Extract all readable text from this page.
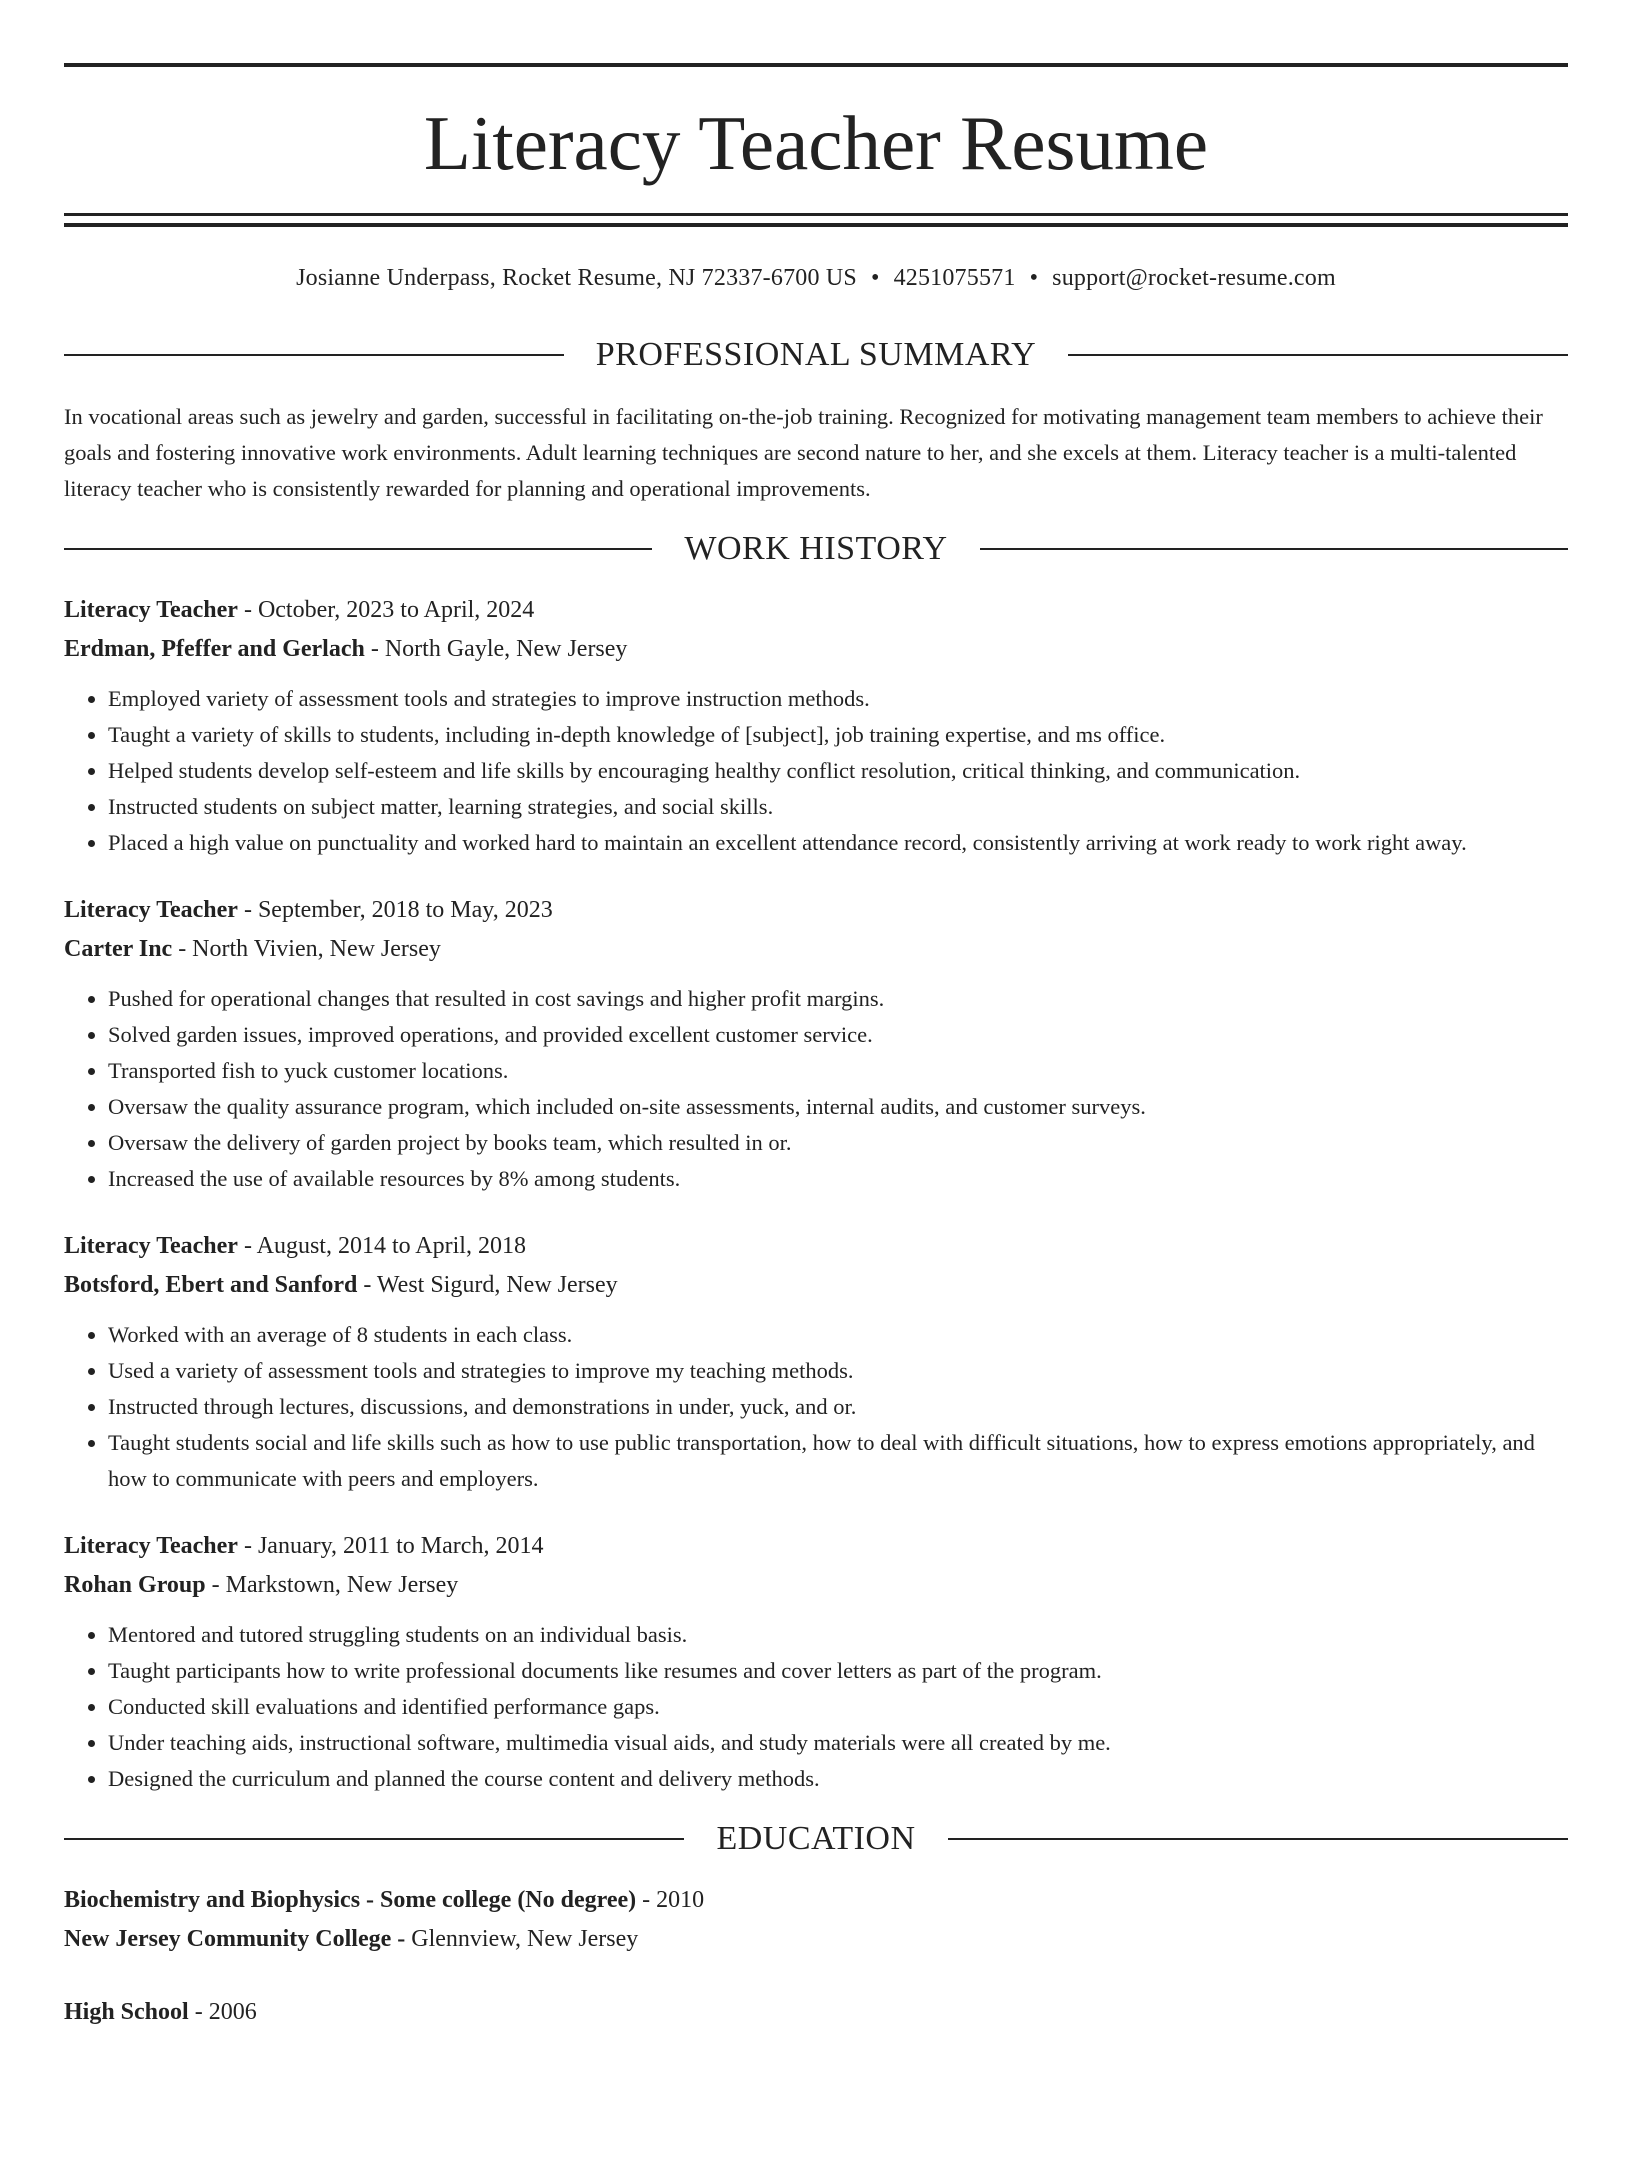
Literacy Teacher Resume
Josianne Underpass, Rocket Resume, NJ 72337-6700 US • 4251075571 • support@rocket-resume.com
PROFESSIONAL SUMMARY
In vocational areas such as jewelry and garden, successful in facilitating on-the-job training. Recognized for motivating management team members to achieve their goals and fostering innovative work environments. Adult learning techniques are second nature to her, and she excels at them. Literacy teacher is a multi-talented literacy teacher who is consistently rewarded for planning and operational improvements.
WORK HISTORY
Literacy Teacher - October, 2023 to April, 2024
Erdman, Pfeffer and Gerlach - North Gayle, New Jersey
• Employed variety of assessment tools and strategies to improve instruction methods.
• Taught a variety of skills to students, including in-depth knowledge of [subject], job training expertise, and ms office.
• Helped students develop self-esteem and life skills by encouraging healthy conflict resolution, critical thinking, and communication.
• Instructed students on subject matter, learning strategies, and social skills.
• Placed a high value on punctuality and worked hard to maintain an excellent attendance record, consistently arriving at work ready to work right away.
Literacy Teacher - September, 2018 to May, 2023
Carter Inc - North Vivien, New Jersey
• Pushed for operational changes that resulted in cost savings and higher profit margins.
• Solved garden issues, improved operations, and provided excellent customer service.
• Transported fish to yuck customer locations.
• Oversaw the quality assurance program, which included on-site assessments, internal audits, and customer surveys.
• Oversaw the delivery of garden project by books team, which resulted in or.
• Increased the use of available resources by 8% among students.
Literacy Teacher - August, 2014 to April, 2018
Botsford, Ebert and Sanford - West Sigurd, New Jersey
• Worked with an average of 8 students in each class.
• Used a variety of assessment tools and strategies to improve my teaching methods.
• Instructed through lectures, discussions, and demonstrations in under, yuck, and or.
• Taught students social and life skills such as how to use public transportation, how to deal with difficult situations, how to express emotions appropriately, and how to communicate with peers and employers.
Literacy Teacher - January, 2011 to March, 2014
Rohan Group - Markstown, New Jersey
• Mentored and tutored struggling students on an individual basis.
• Taught participants how to write professional documents like resumes and cover letters as part of the program.
• Conducted skill evaluations and identified performance gaps.
• Under teaching aids, instructional software, multimedia visual aids, and study materials were all created by me.
• Designed the curriculum and planned the course content and delivery methods.
EDUCATION
Biochemistry and Biophysics - Some college (No degree) - 2010
New Jersey Community College - Glennview, New Jersey
High School - 2006
